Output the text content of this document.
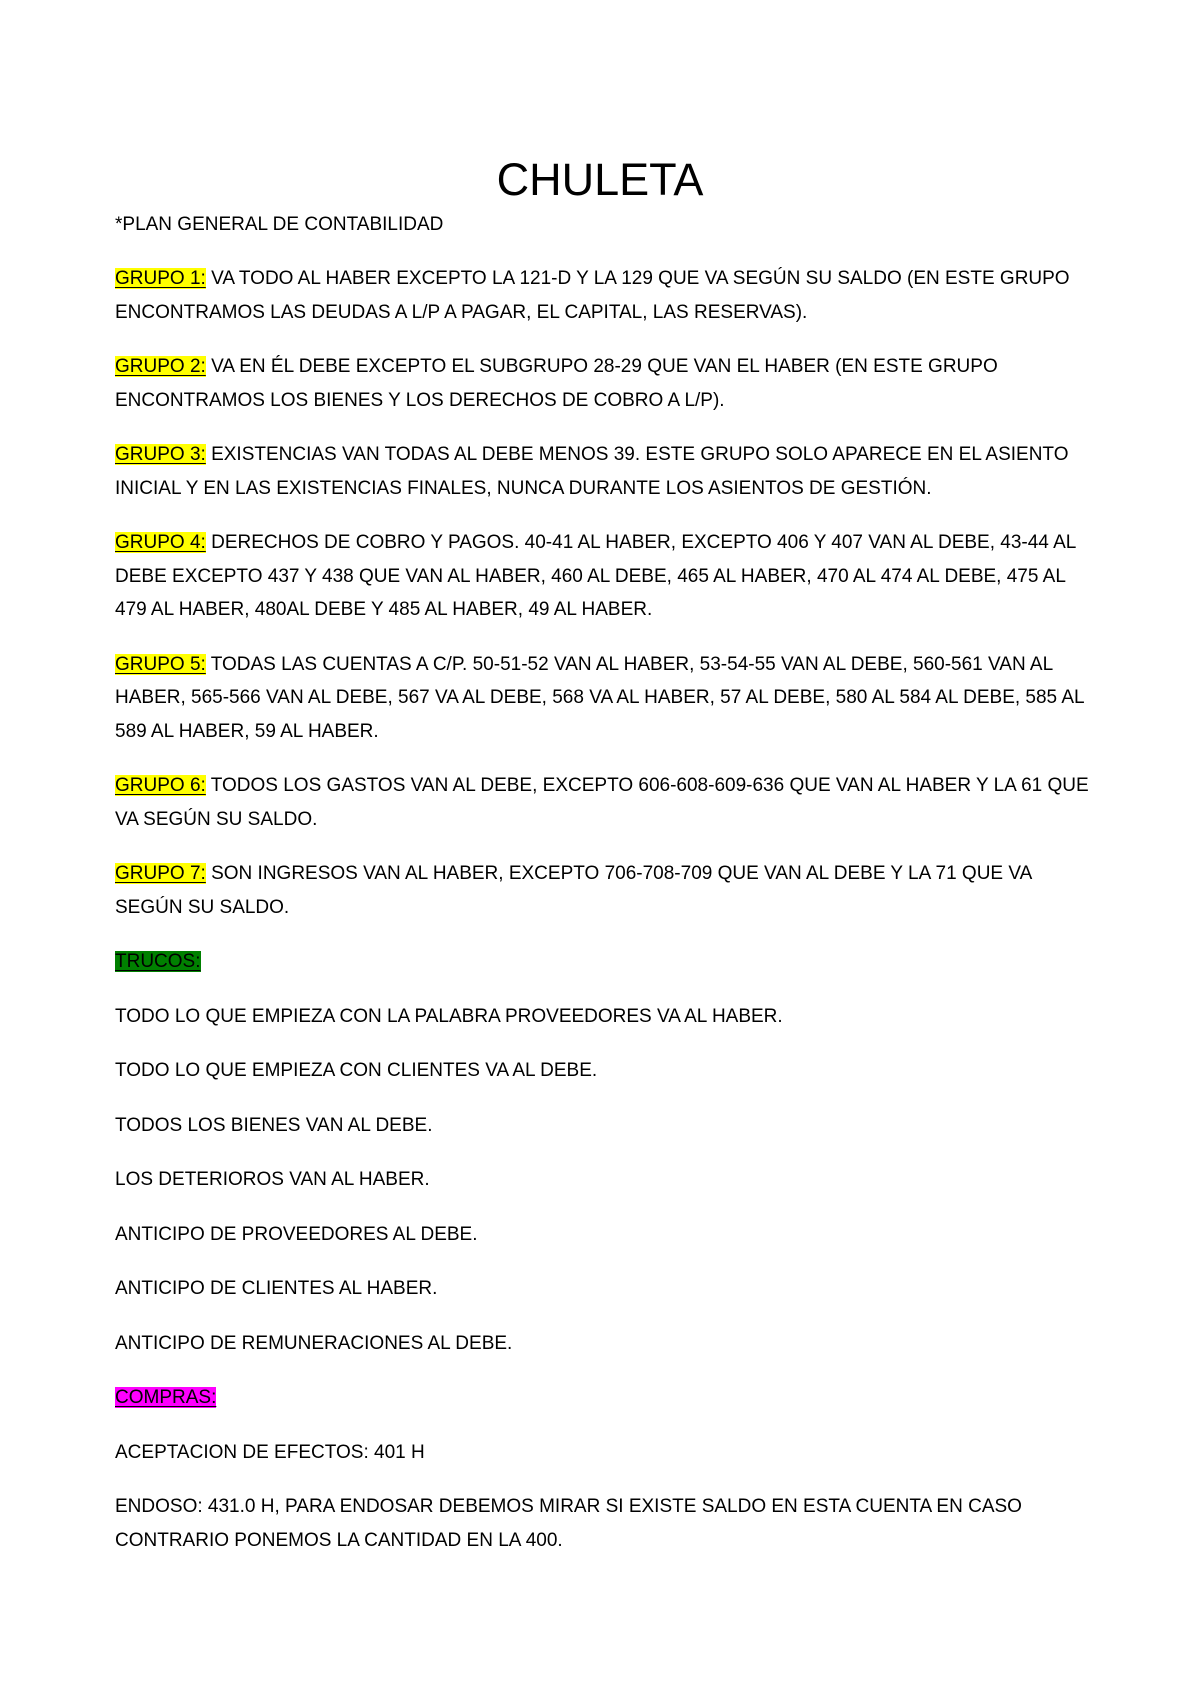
CHULETA
*PLAN GENERAL DE CONTABILIDAD

GRUPO 1: VA TODO AL HABER EXCEPTO LA 121-D Y LA 129 QUE VA SEGÚN SU SALDO (EN ESTE GRUPO ENCONTRAMOS LAS DEUDAS A L/P A PAGAR, EL CAPITAL, LAS RESERVAS).

GRUPO 2: VA EN ÉL DEBE EXCEPTO EL SUBGRUPO 28-29 QUE VAN EL HABER (EN ESTE GRUPO ENCONTRAMOS LOS BIENES Y LOS DERECHOS DE COBRO A L/P).

GRUPO 3: EXISTENCIAS VAN TODAS AL DEBE MENOS 39. ESTE GRUPO SOLO APARECE EN EL ASIENTO INICIAL Y EN LAS EXISTENCIAS FINALES, NUNCA DURANTE LOS ASIENTOS DE GESTIÓN.

GRUPO 4: DERECHOS DE COBRO Y PAGOS. 40-41 AL HABER, EXCEPTO 406 Y 407 VAN AL DEBE, 43-44 AL DEBE EXCEPTO 437 Y 438 QUE VAN AL HABER, 460 AL DEBE, 465 AL HABER, 470 AL 474 AL DEBE, 475 AL 479 AL HABER, 480AL DEBE Y 485 AL HABER, 49 AL HABER.

GRUPO 5: TODAS LAS CUENTAS A C/P. 50-51-52 VAN AL HABER, 53-54-55 VAN AL DEBE, 560-561 VAN AL HABER, 565-566 VAN AL DEBE, 567 VA AL DEBE, 568 VA AL HABER, 57 AL DEBE, 580 AL 584 AL DEBE, 585 AL 589 AL HABER, 59 AL HABER.

GRUPO 6: TODOS LOS GASTOS VAN AL DEBE, EXCEPTO 606-608-609-636 QUE VAN AL HABER Y LA 61 QUE VA SEGÚN SU SALDO.

GRUPO 7: SON INGRESOS VAN AL HABER, EXCEPTO 706-708-709 QUE VAN AL DEBE Y LA 71 QUE VA SEGÚN SU SALDO.

TRUCOS:

TODO LO QUE EMPIEZA CON LA PALABRA PROVEEDORES VA AL HABER.

TODO LO QUE EMPIEZA CON CLIENTES VA AL DEBE.

TODOS LOS BIENES VAN AL DEBE.

LOS DETERIOROS VAN AL HABER.

ANTICIPO DE PROVEEDORES AL DEBE.

ANTICIPO DE CLIENTES AL HABER.

ANTICIPO DE REMUNERACIONES AL DEBE.

COMPRAS:

ACEPTACION DE EFECTOS: 401 H

ENDOSO: 431.0 H, PARA ENDOSAR DEBEMOS MIRAR SI EXISTE SALDO EN ESTA CUENTA EN CASO CONTRARIO PONEMOS LA CANTIDAD EN LA 400.
